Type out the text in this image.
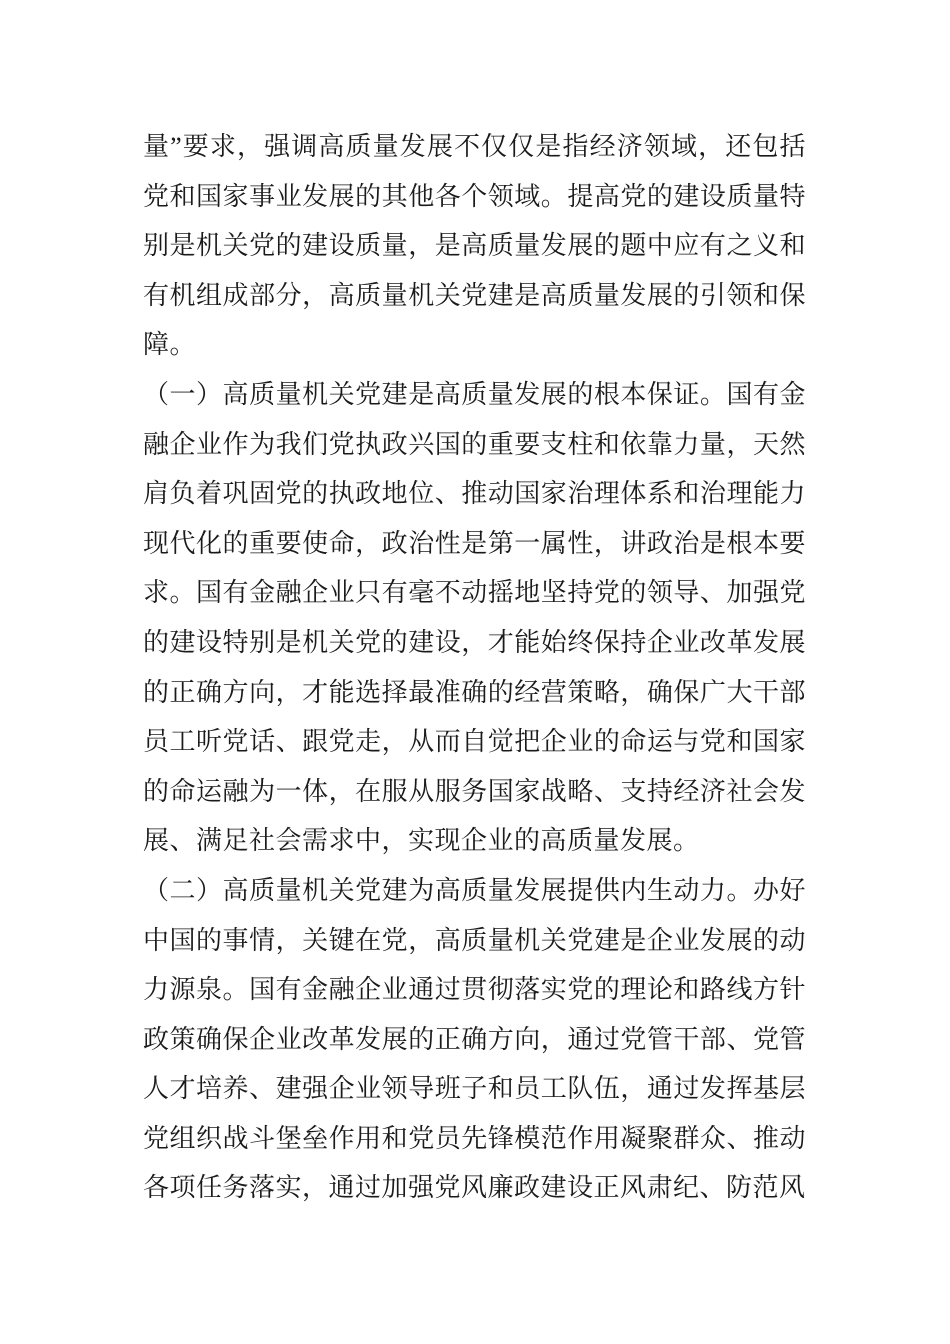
量”要求，强调高质量发展不仅仅是指经济领域，还包括党和国家事业发展的其他各个领域。提高党的建设质量特别是机关党的建设质量，是高质量发展的题中应有之义和有机组成部分，高质量机关党建是高质量发展的引领和保障。

（一）高质量机关党建是高质量发展的根本保证。国有金融企业作为我们党执政兴国的重要支柱和依靠力量，天然肩负着巩固党的执政地位、推动国家治理体系和治理能力现代化的重要使命，政治性是第一属性，讲政治是根本要求。国有金融企业只有毫不动摇地坚持党的领导、加强党的建设特别是机关党的建设，才能始终保持企业改革发展的正确方向，才能选择最准确的经营策略，确保广大干部员工听党话、跟党走，从而自觉把企业的命运与党和国家的命运融为一体，在服从服务国家战略、支持经济社会发展、满足社会需求中，实现企业的高质量发展。

（二）高质量机关党建为高质量发展提供内生动力。办好中国的事情，关键在党，高质量机关党建是企业发展的动力源泉。国有金融企业通过贯彻落实党的理论和路线方针政策确保企业改革发展的正确方向，通过党管干部、党管人才培养、建强企业领导班子和员工队伍，通过发挥基层党组织战斗堡垒作用和党员先锋模范作用凝聚群众、推动各项任务落实，通过加强党风廉政建设正风肃纪、防范风
